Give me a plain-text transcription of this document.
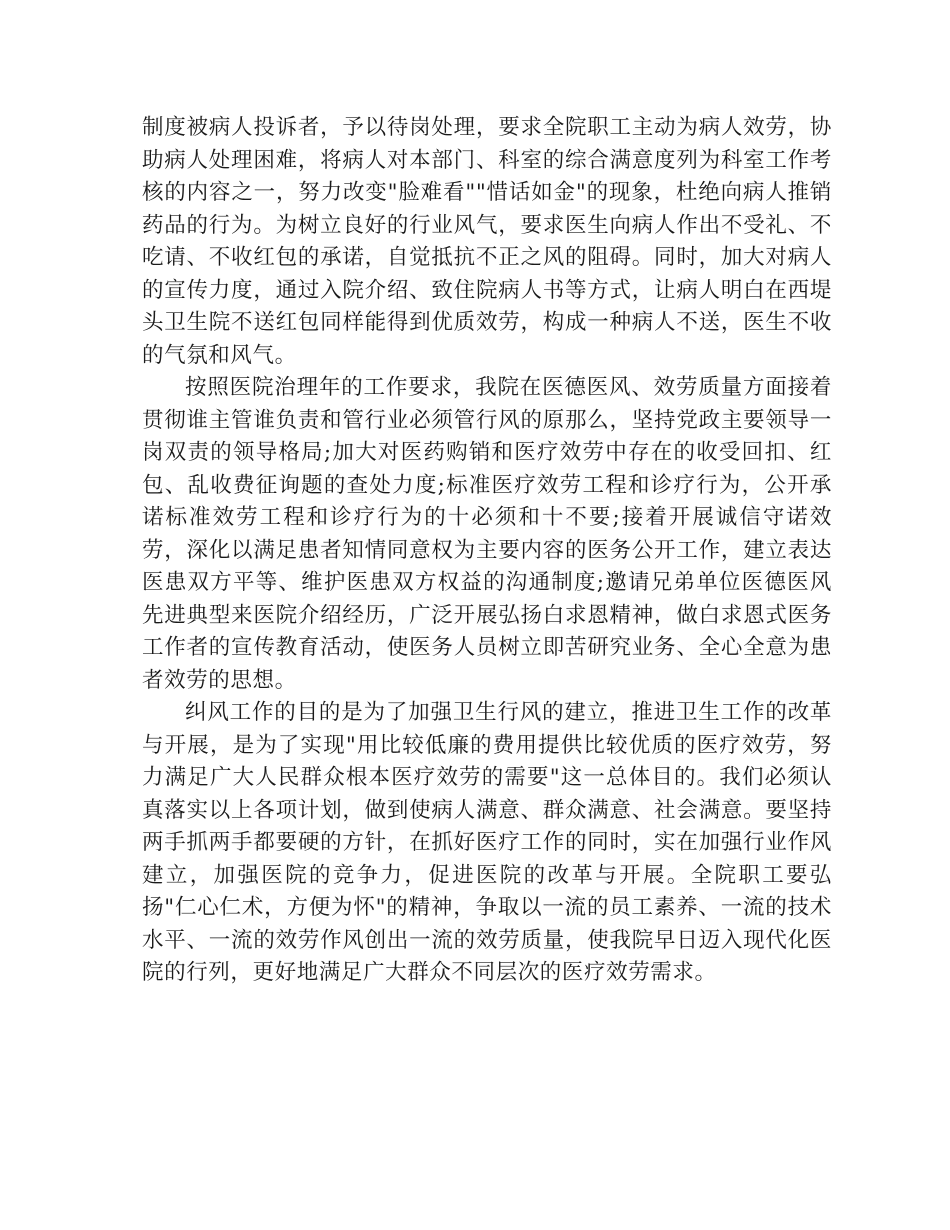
制度被病人投诉者，予以待岗处理，要求全院职工主动为病人效劳，协助病人处理困难，将病人对本部门、科室的综合满意度列为科室工作考核的内容之一，努力改变"脸难看""惜话如金"的现象，杜绝向病人推销药品的行为。为树立良好的行业风气，要求医生向病人作出不受礼、不吃请、不收红包的承诺，自觉抵抗不正之风的阻碍。同时，加大对病人的宣传力度，通过入院介绍、致住院病人书等方式，让病人明白在西堤头卫生院不送红包同样能得到优质效劳，构成一种病人不送，医生不收的气氛和风气。

按照医院治理年的工作要求，我院在医德医风、效劳质量方面接着贯彻谁主管谁负责和管行业必须管行风的原那么，坚持党政主要领导一岗双责的领导格局;加大对医药购销和医疗效劳中存在的收受回扣、红包、乱收费征询题的查处力度;标准医疗效劳工程和诊疗行为，公开承诺标准效劳工程和诊疗行为的十必须和十不要;接着开展诚信守诺效劳，深化以满足患者知情同意权为主要内容的医务公开工作，建立表达医患双方平等、维护医患双方权益的沟通制度;邀请兄弟单位医德医风先进典型来医院介绍经历，广泛开展弘扬白求恩精神，做白求恩式医务工作者的宣传教育活动，使医务人员树立即苦研究业务、全心全意为患者效劳的思想。

纠风工作的目的是为了加强卫生行风的建立，推进卫生工作的改革与开展，是为了实现"用比较低廉的费用提供比较优质的医疗效劳，努力满足广大人民群众根本医疗效劳的需要"这一总体目的。我们必须认真落实以上各项计划，做到使病人满意、群众满意、社会满意。要坚持两手抓两手都要硬的方针，在抓好医疗工作的同时，实在加强行业作风建立，加强医院的竞争力，促进医院的改革与开展。全院职工要弘扬"仁心仁术，方便为怀"的精神，争取以一流的员工素养、一流的技术水平、一流的效劳作风创出一流的效劳质量，使我院早日迈入现代化医院的行列，更好地满足广大群众不同层次的医疗效劳需求。
